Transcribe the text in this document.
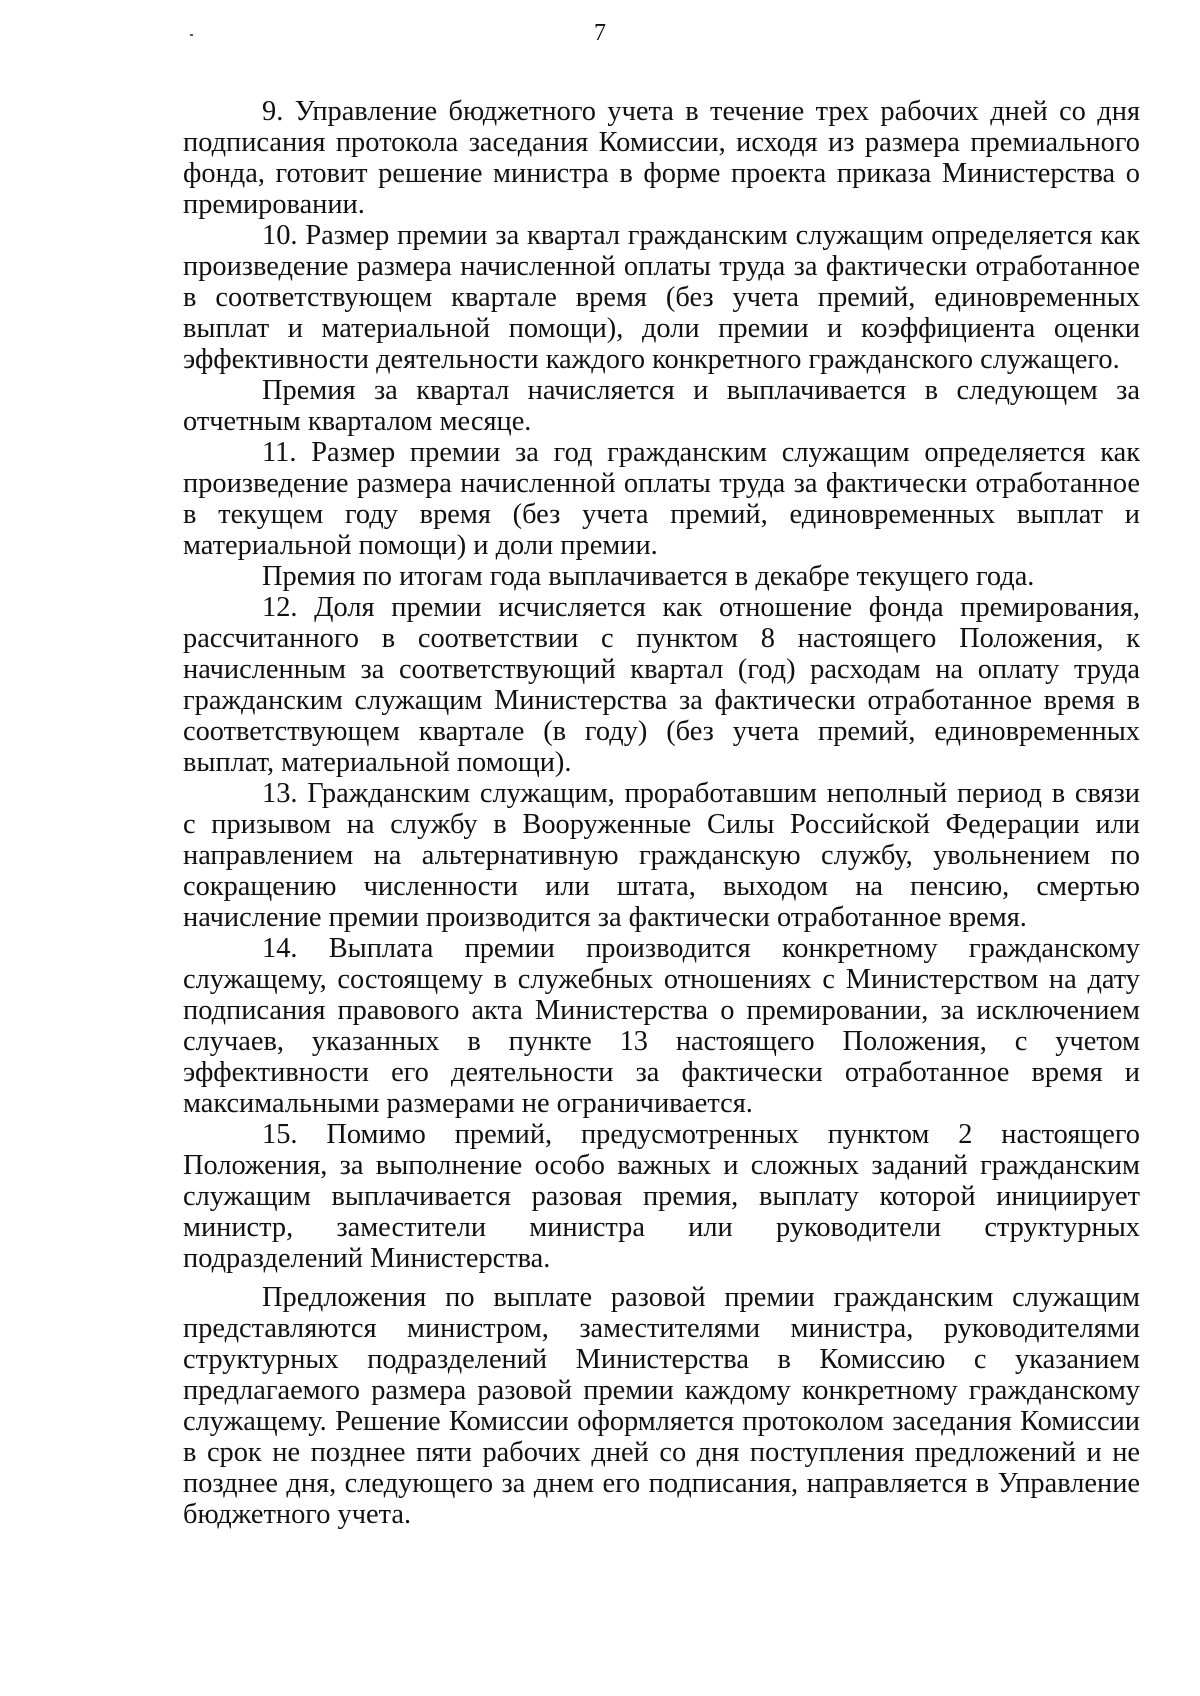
7

9. Управление бюджетного учета в течение трех рабочих дней со дня подписания протокола заседания Комиссии, исходя из размера премиального фонда, готовит решение министра в форме проекта приказа Министерства о премировании.

10. Размер премии за квартал гражданским служащим определяется как произведение размера начисленной оплаты труда за фактически отработанное в соответствующем квартале время (без учета премий, единовременных выплат и материальной помощи), доли премии и коэффициента оценки эффективности деятельности каждого конкретного гражданского служащего.

Премия за квартал начисляется и выплачивается в следующем за отчетным кварталом месяце.

11. Размер премии за год гражданским служащим определяется как произведение размера начисленной оплаты труда за фактически отработанное в текущем году время (без учета премий, единовременных выплат и материальной помощи) и доли премии.

Премия по итогам года выплачивается в декабре текущего года.

12. Доля премии исчисляется как отношение фонда премирования, рассчитанного в соответствии с пунктом 8 настоящего Положения, к начисленным за соответствующий квартал (год) расходам на оплату труда гражданским служащим Министерства за фактически отработанное время в соответствующем квартале (в году) (без учета премий, единовременных выплат, материальной помощи).

13. Гражданским служащим, проработавшим неполный период в связи с призывом на службу в Вооруженные Силы Российской Федерации или направлением на альтернативную гражданскую службу, увольнением по сокращению численности или штата, выходом на пенсию, смертью начисление премии производится за фактически отработанное время.

14. Выплата премии производится конкретному гражданскому служащему, состоящему в служебных отношениях с Министерством на дату подписания правового акта Министерства о премировании, за исключением случаев, указанных в пункте 13 настоящего Положения, с учетом эффективности его деятельности за фактически отработанное время и максимальными размерами не ограничивается.

15. Помимо премий, предусмотренных пунктом 2 настоящего Положения, за выполнение особо важных и сложных заданий гражданским служащим выплачивается разовая премия, выплату которой инициирует министр, заместители министра или руководители структурных подразделений Министерства.

Предложения по выплате разовой премии гражданским служащим представляются министром, заместителями министра, руководителями структурных подразделений Министерства в Комиссию с указанием предлагаемого размера разовой премии каждому конкретному гражданскому служащему. Решение Комиссии оформляется протоколом заседания Комиссии в срок не позднее пяти рабочих дней со дня поступления предложений и не позднее дня, следующего за днем его подписания, направляется в Управление бюджетного учета.
